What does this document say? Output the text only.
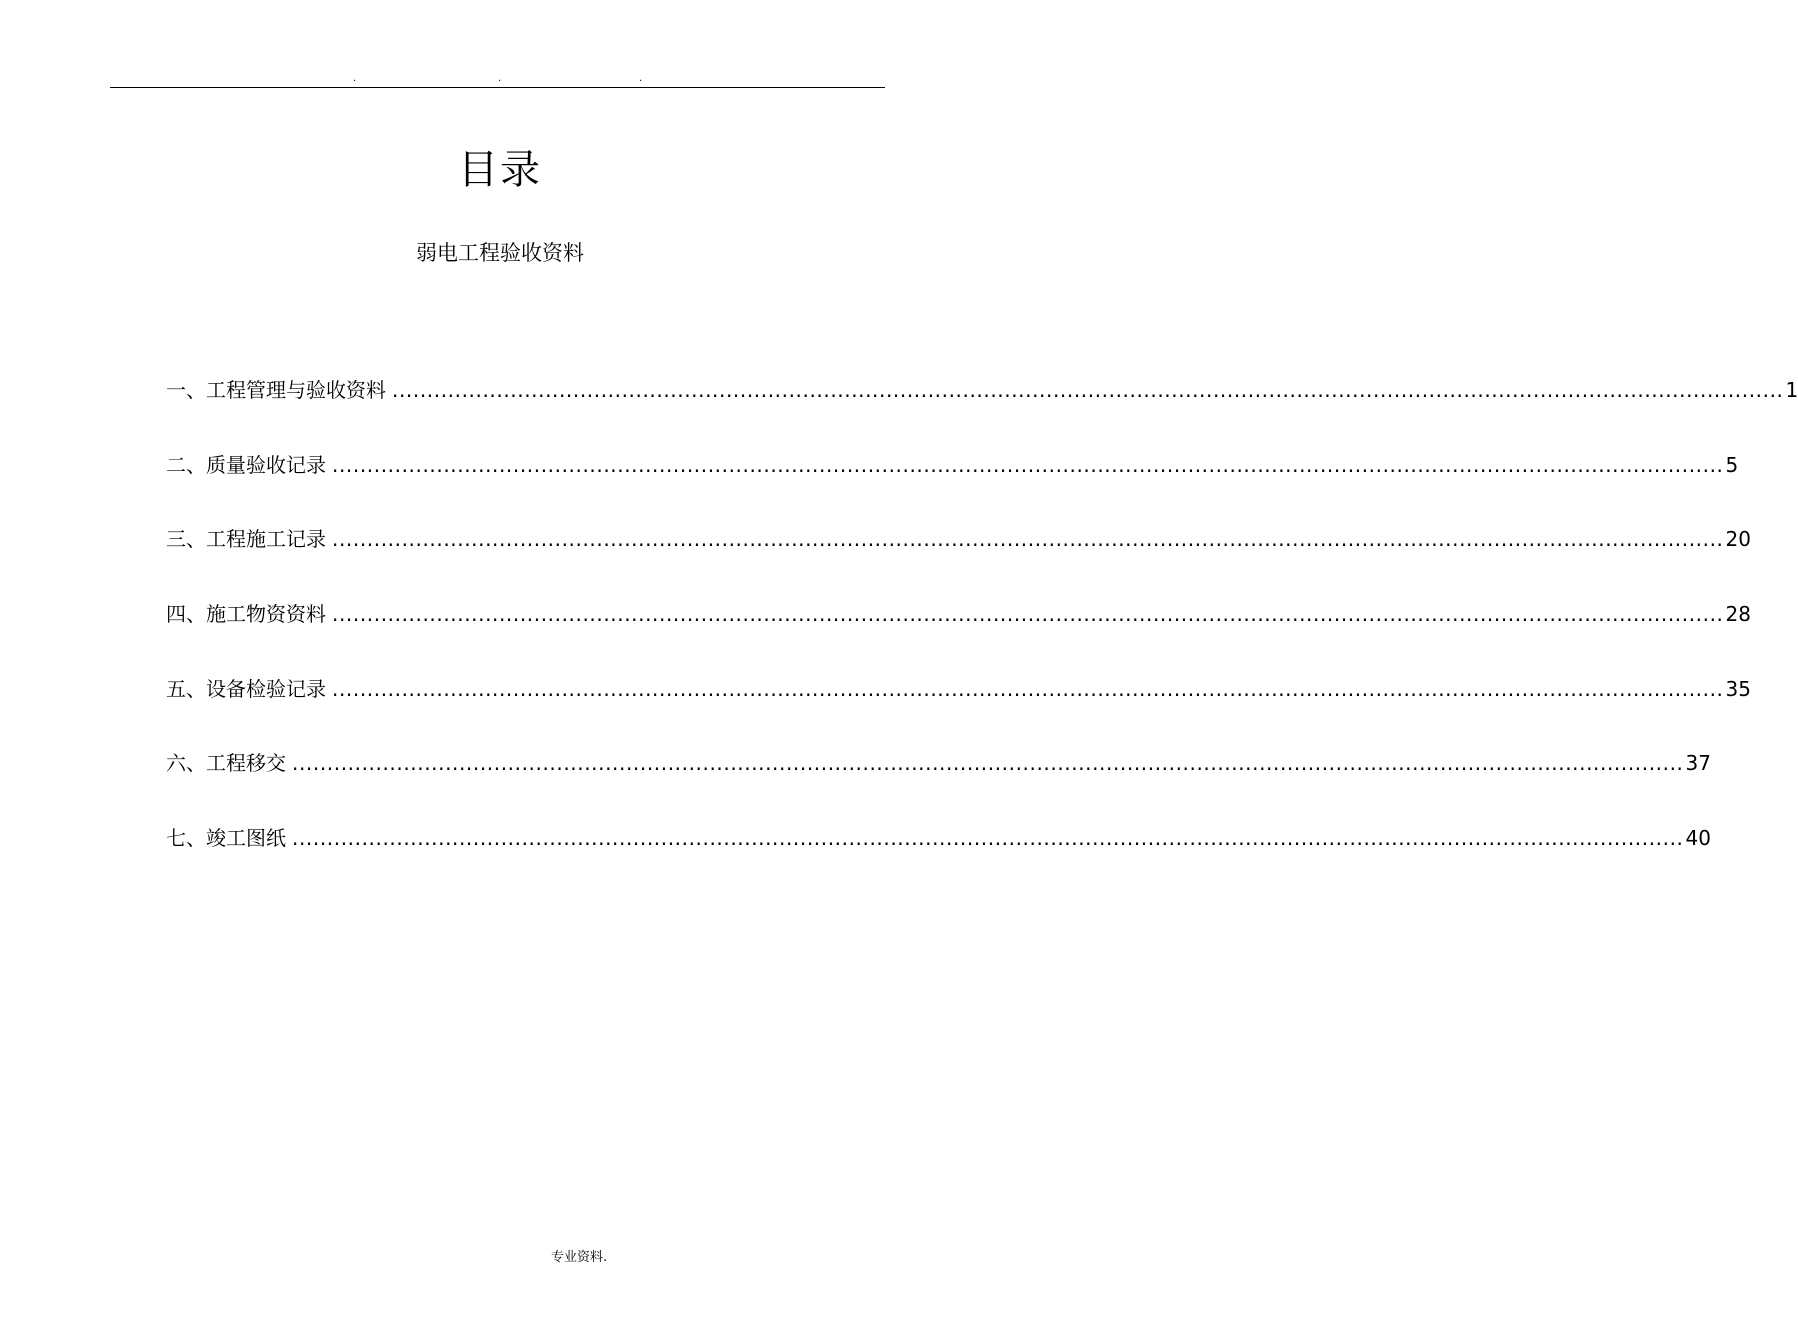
.	.	.
目录
弱电工程验收资料
一、工程管理与验收资料 ........................................................................................................................................................................................................ 1
二、质量验收记录 ........................................................................................................................................................................................................ 5
三、工程施工记录 ........................................................................................................................................................................................................ 20
四、施工物资资料 ........................................................................................................................................................................................................ 28
五、设备检验记录 ........................................................................................................................................................................................................ 35
六、工程移交 ........................................................................................................................................................................................................ 37
七、竣工图纸 ........................................................................................................................................................................................................ 40
专业资料.
